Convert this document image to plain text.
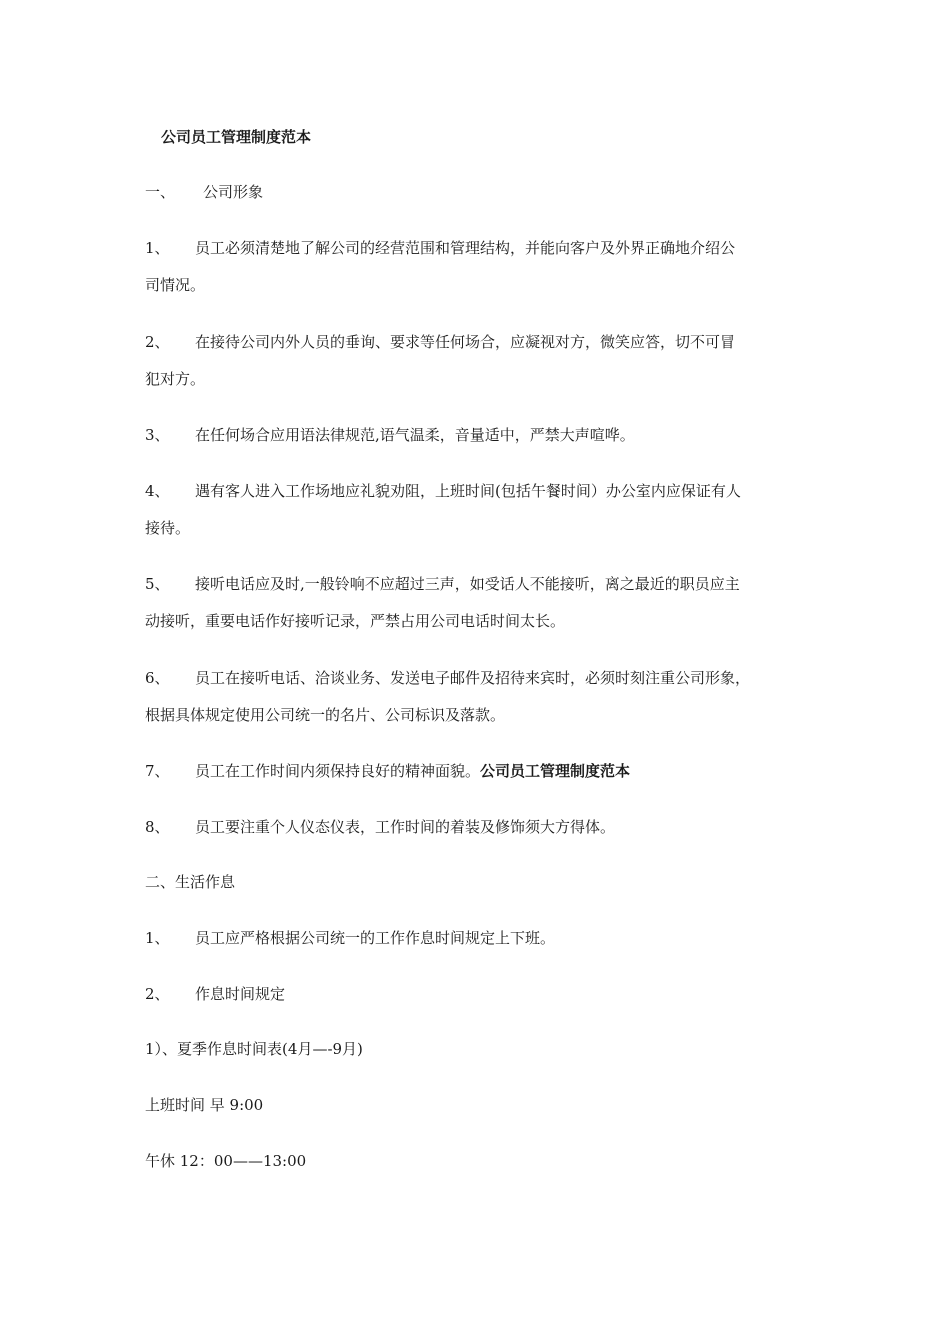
公司员工管理制度范本
一、 公司形象
1、 员工必须清楚地了解公司的经营范围和管理结构，并能向客户及外界正确地介绍公
司情况。
2、 在接待公司内外人员的垂询、要求等任何场合，应凝视对方，微笑应答，切不可冒
犯对方。
3、 在任何场合应用语法律规范,语气温柔，音量适中，严禁大声喧哗。
4、 遇有客人进入工作场地应礼貌劝阻，上班时间(包括午餐时间）办公室内应保证有人
接待。
5、 接听电话应及时,一般铃响不应超过三声，如受话人不能接听，离之最近的职员应主
动接听，重要电话作好接听记录，严禁占用公司电话时间太长。
6、 员工在接听电话、洽谈业务、发送电子邮件及招待来宾时，必须时刻注重公司形象，
根据具体规定使用公司统一的名片、公司标识及落款。
7、 员工在工作时间内须保持良好的精神面貌。公司员工管理制度范本
8、 员工要注重个人仪态仪表，工作时间的着装及修饰须大方得体。
二、生活作息
1、 员工应严格根据公司统一的工作作息时间规定上下班。
2、 作息时间规定
1）、夏季作息时间表(4月—-9月)
上班时间 早 9:00
午休 12：00——13:00
